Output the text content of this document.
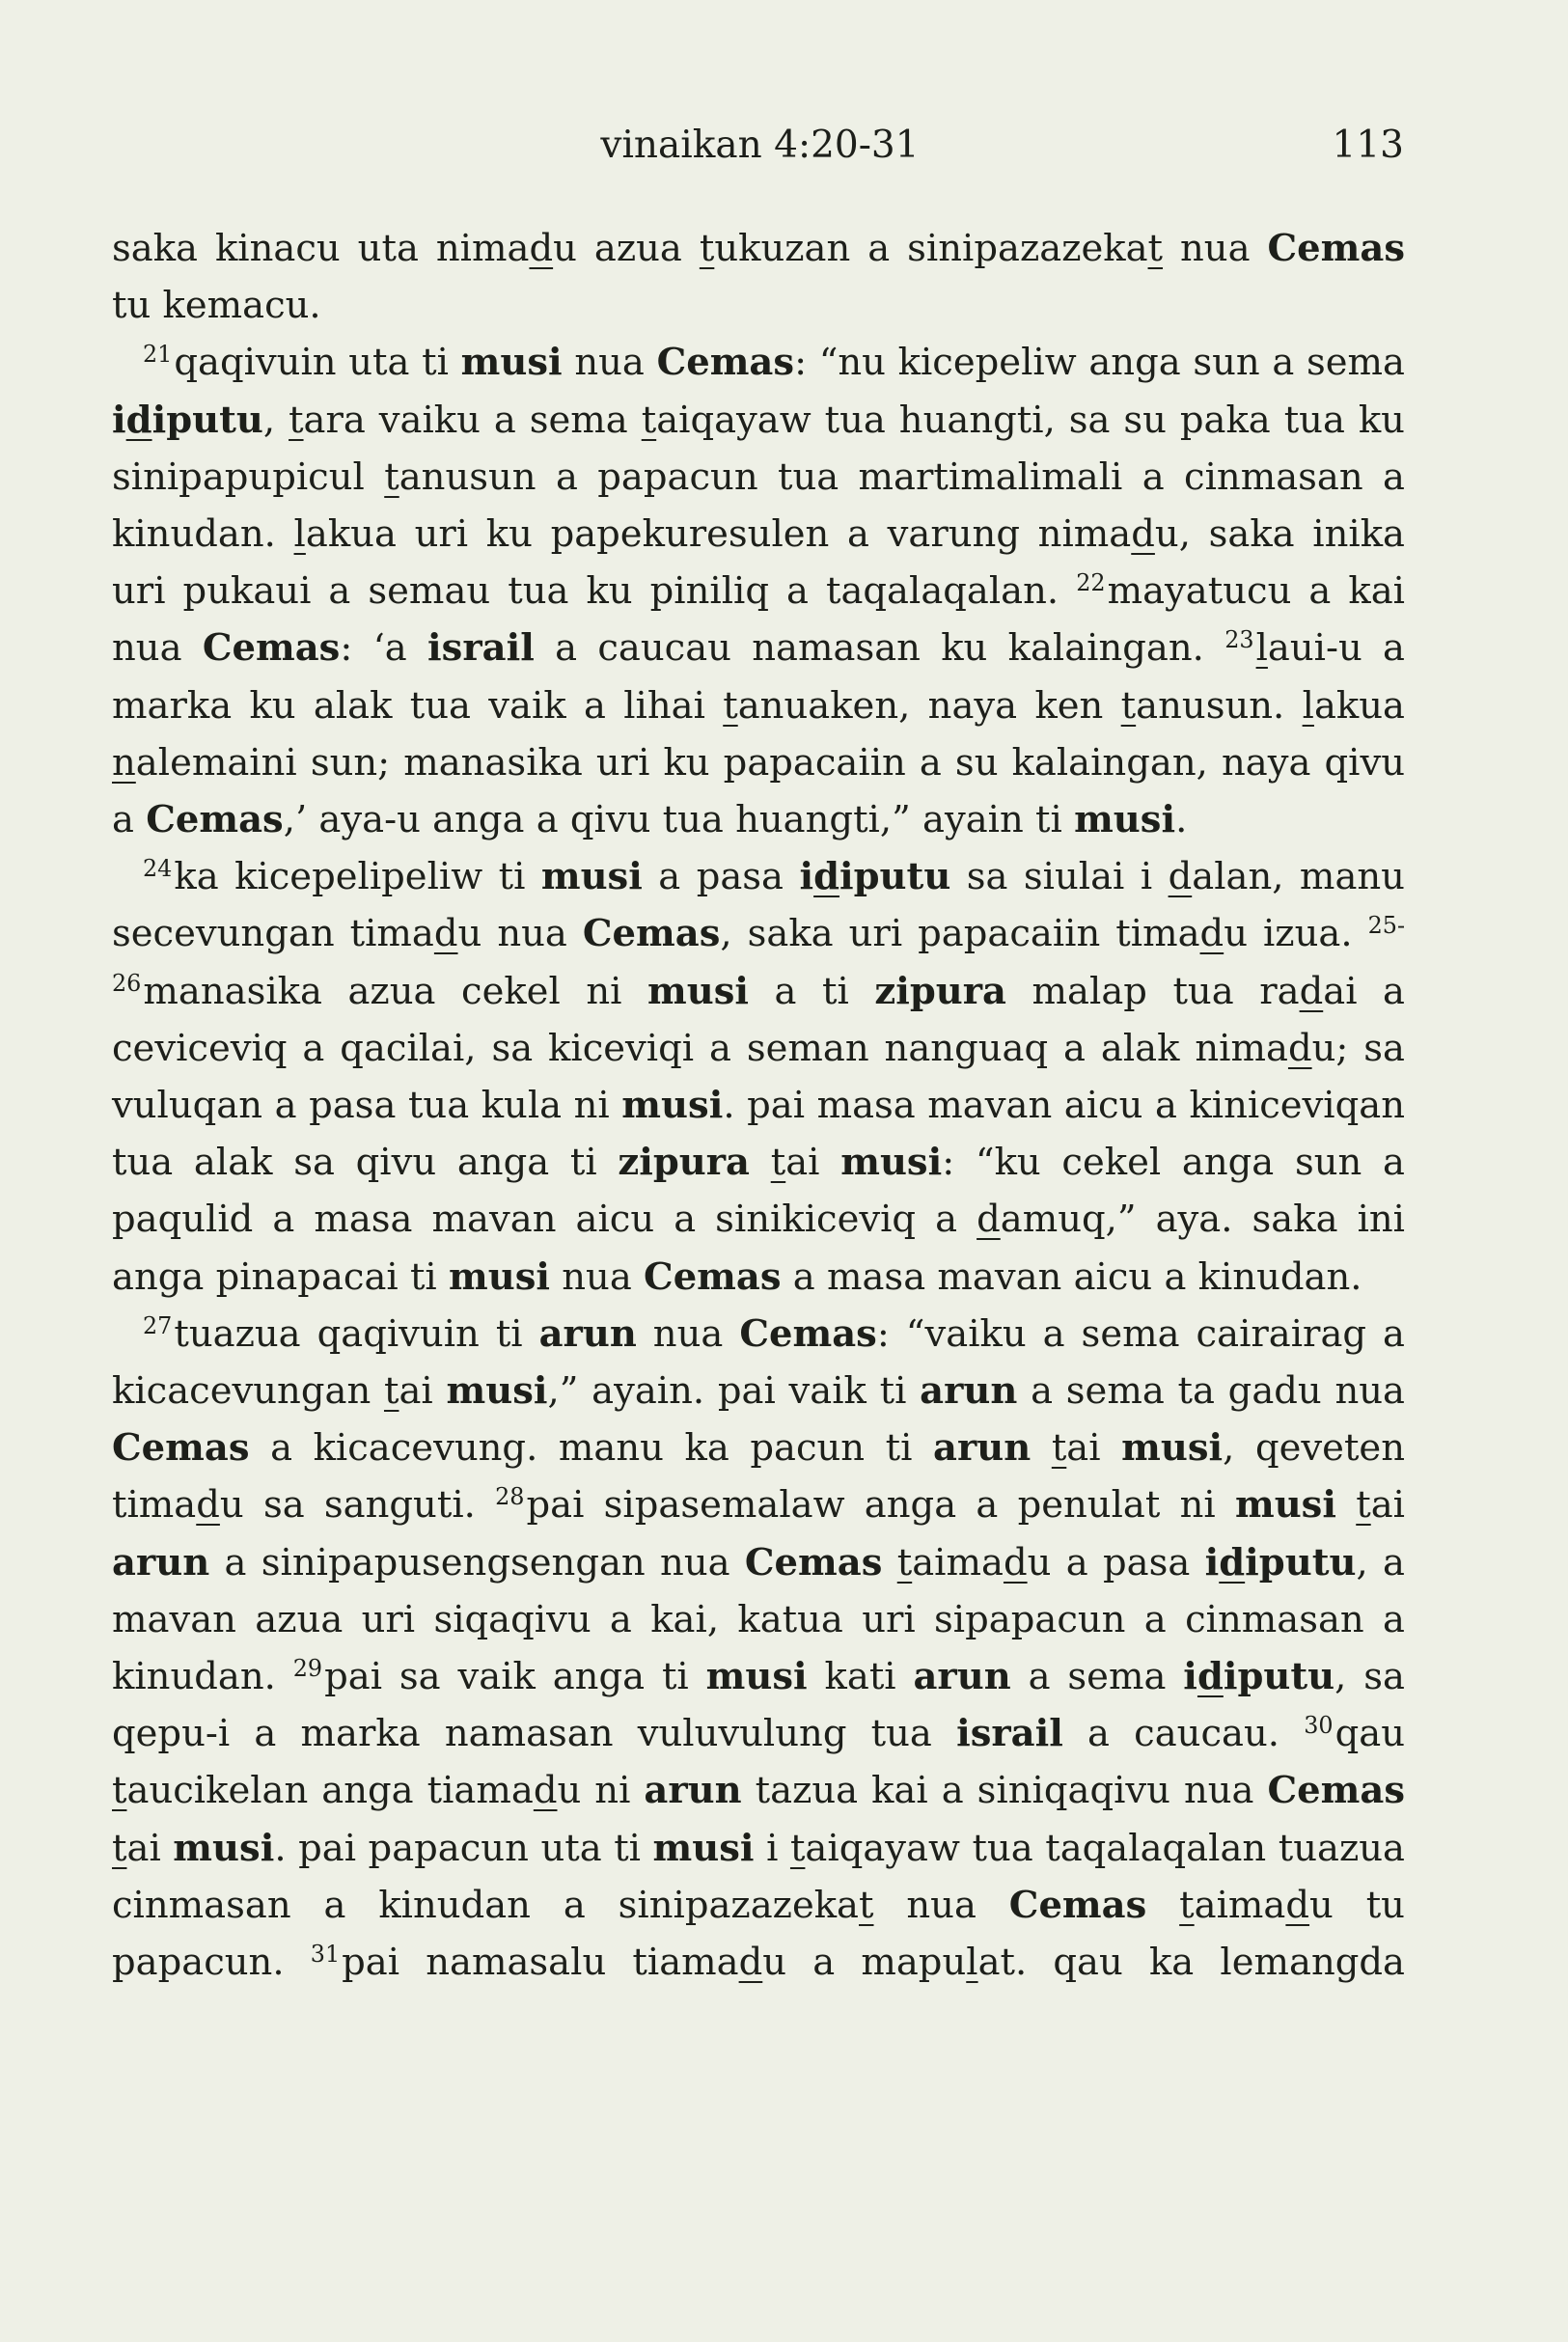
vinaikan 4:20-31	113

saka kinacu uta nimadu azua tukuzan a sinipazazekat nua Cemas tu kemacu.

$^{21}$qaqivuin uta ti musi nua Cemas: “nu kicepeliw anga sun a sema idiputu, tara vaiku a sema taiqayaw tua huangti, sa su paka tua ku sinipapupicul tanusun a papacun tua martimalimali a cinmasan a kinudan. lakua uri ku papekuresulen a varung nimadu, saka inika uri pukaui a semau tua ku piniliq a taqalaqalan. $^{22}$mayatucu a kai nua Cemas: ‘a israil a caucau namasan ku kalaingan. $^{23}$laui-u a marka ku alak tua vaik a lihai tanuaken, naya ken tanusun. lakua nalemaini sun; manasika uri ku papacaiin a su kalaingan, naya qivu a Cemas,’ aya-u anga a qivu tua huangti,” ayain ti musi.

$^{24}$ka kicepelipeliw ti musi a pasa idiputu sa siulai i dalan, manu secevungan timadu nua Cemas, saka uri papacaiin timadu izua. $^{25-26}$manasika azua cekel ni musi a ti zipura malap tua radai a ceviceviq a qacilai, sa kiceviqi a seman nanguaq a alak nimadu; sa vuluqan a pasa tua kula ni musi. pai masa mavan aicu a kiniceviqan tua alak sa qivu anga ti zipura tai musi: “ku cekel anga sun a paqulid a masa mavan aicu a sinikiceviq a damuq,” aya. saka ini anga pinapacai ti musi nua Cemas a masa mavan aicu a kinudan.

$^{27}$tuazua qaqivuin ti arun nua Cemas: “vaiku a sema cairairag a kicacevungan tai musi,” ayain. pai vaik ti arun a sema ta gadu nua Cemas a kicacevung. manu ka pacun ti arun tai musi, qeveten timadu sa sanguti. $^{28}$pai sipasemalaw anga a penulat ni musi tai arun a sinipapusengsengan nua Cemas taimadu a pasa idiputu, a mavan azua uri siqaqivu a kai, katua uri sipapacun a cinmasan a kinudan. $^{29}$pai sa vaik anga ti musi kati arun a sema idiputu, sa qepu-i a marka namasan vuluvulung tua israil a caucau. $^{30}$qau taucikelan anga tiamadu ni arun tazua kai a siniqaqivu nua Cemas tai musi. pai papacun uta ti musi i taiqayaw tua taqalaqalan tuazua cinmasan a kinudan a sinipazazekat nua Cemas taimadu tu papacun. $^{31}$pai namasalu tiamadu a mapulat. qau ka lemangda
